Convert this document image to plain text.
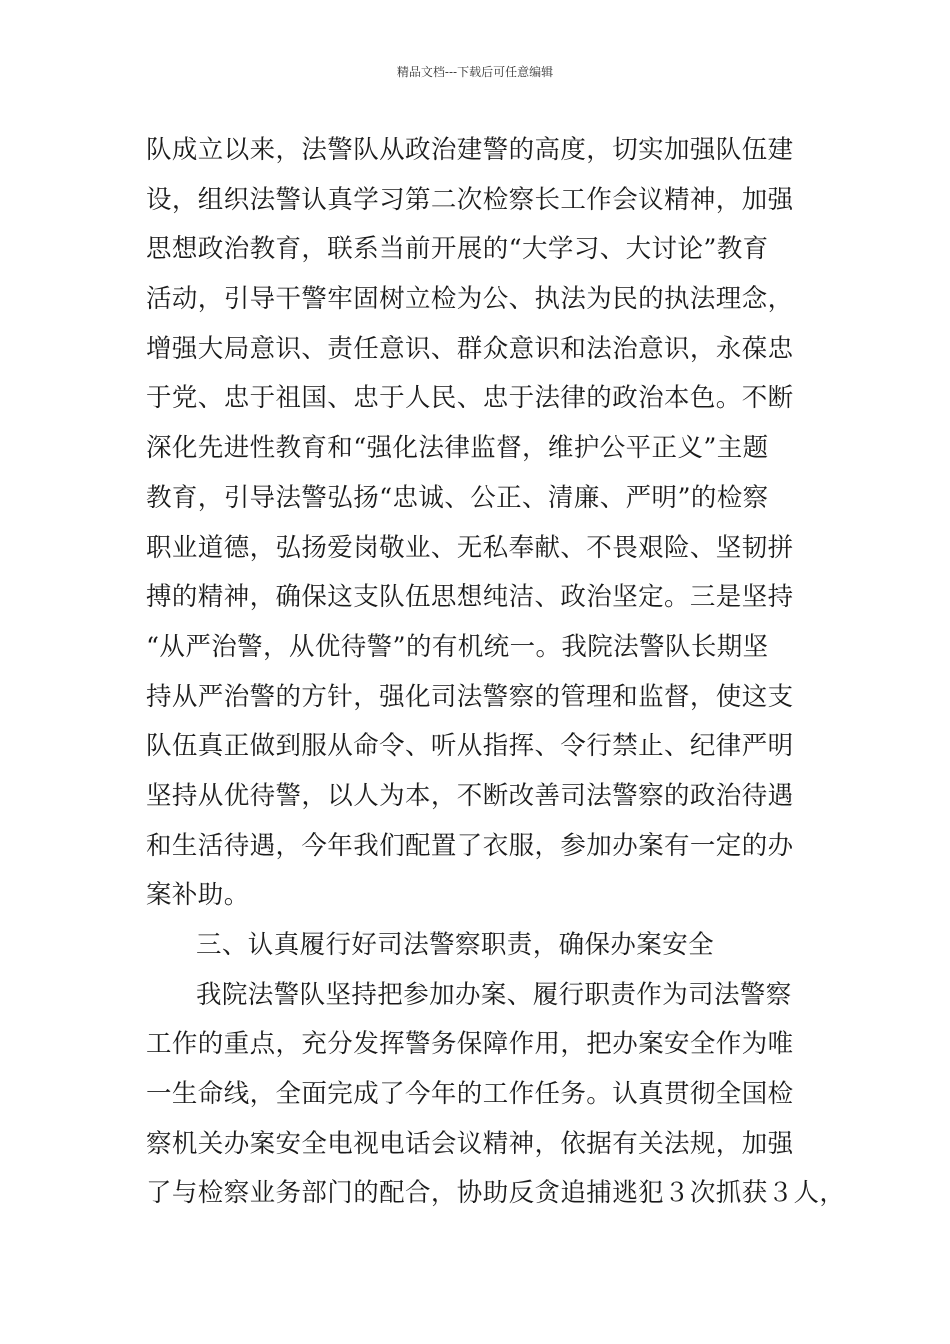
精品文档---下载后可任意编辑
队成立以来，法警队从政治建警的高度，切实加强队伍建
设，组织法警认真学习第二次检察长工作会议精神，加强
思想政治教育，联系当前开展的“大学习、大讨论”教育
活动，引导干警牢固树立检为公、执法为民的执法理念，
增强大局意识、责任意识、群众意识和法治意识，永葆忠
于党、忠于祖国、忠于人民、忠于法律的政治本色。不断
深化先进性教育和“强化法律监督，维护公平正义”主题
教育，引导法警弘扬“忠诚、公正、清廉、严明”的检察
职业道德，弘扬爱岗敬业、无私奉献、不畏艰险、坚韧拼
搏的精神，确保这支队伍思想纯洁、政治坚定。三是坚持
“从严治警，从优待警”的有机统一。我院法警队长期坚
持从严治警的方针，强化司法警察的管理和监督，使这支
队伍真正做到服从命令、听从指挥、令行禁止、纪律严明
坚持从优待警，以人为本，不断改善司法警察的政治待遇
和生活待遇，今年我们配置了衣服，参加办案有一定的办
案补助。
三、认真履行好司法警察职责，确保办案安全
我院法警队坚持把参加办案、履行职责作为司法警察
工作的重点，充分发挥警务保障作用，把办案安全作为唯
一生命线，全面完成了今年的工作任务。认真贯彻全国检
察机关办案安全电视电话会议精神，依据有关法规，加强
了与检察业务部门的配合，协助反贪追捕逃犯３次抓获３人，
